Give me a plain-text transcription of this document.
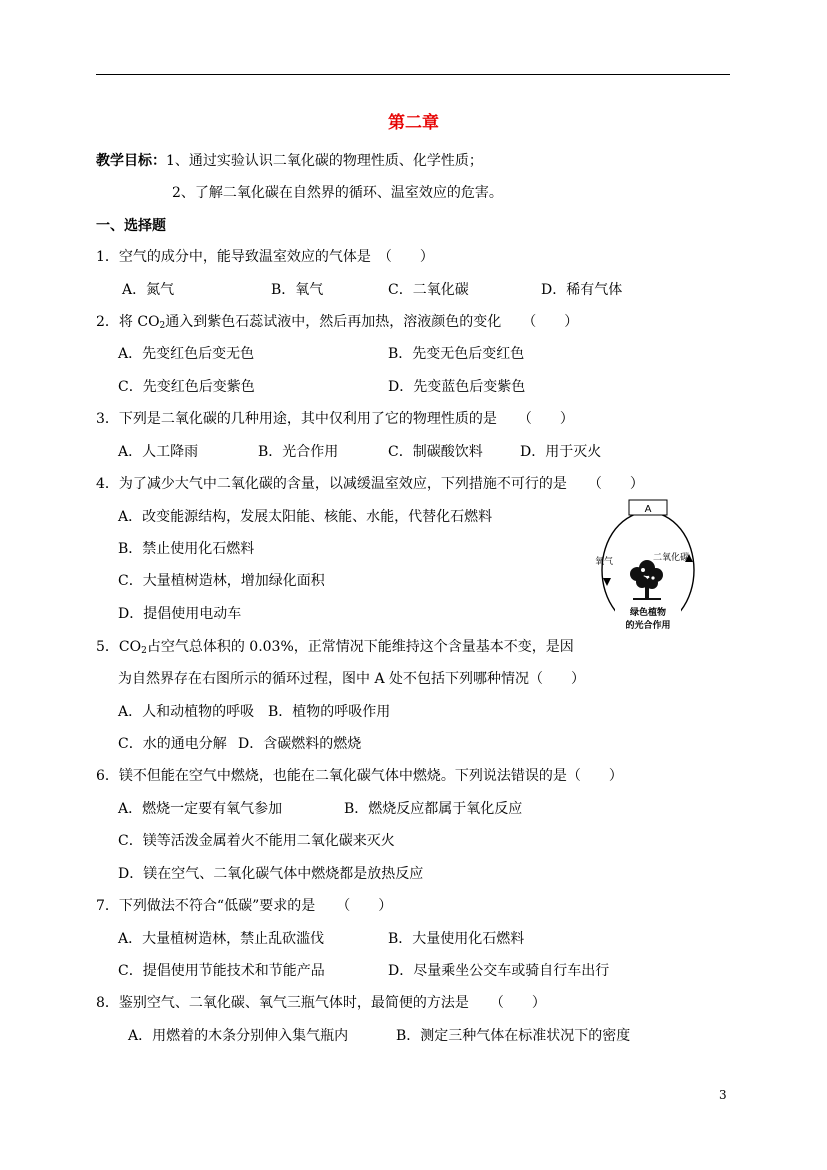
第二章
教学目标：1、通过实验认识二氧化碳的物理性质、化学性质；
2、了解二氧化碳在自然界的循环、温室效应的危害。
一、选择题
1．空气的成分中，能导致温室效应的气体是　（　　）
A．氮气	B．氧气	C．二氧化碳	D．稀有气体
2．将 $CO_2$通入到紫色石蕊试液中，然后再加热，溶液颜色的变化　　（　　）
A．先变红色后变无色	B．先变无色后变红色
C．先变红色后变紫色	D．先变蓝色后变紫色
3．下列是二氧化碳的几种用途，其中仅利用了它的物理性质的是　　（　　）
A．人工降雨	B．光合作用	C．制碳酸饮料	D．用于灭火
4．为了减少大气中二氧化碳的含量，以减缓温室效应，下列措施不可行的是　　（　　）
A．改变能源结构，发展太阳能、核能、水能，代替化石燃料
B．禁止使用化石燃料
C．大量植树造林，增加绿化面积
D．提倡使用电动车
A
氧气	二氧化碳
绿色植物
的光合作用
5．$CO_2$占空气总体积的 0.03%，正常情况下能维持这个含量基本不变，是因
为自然界存在右图所示的循环过程，图中 A 处不包括下列哪种情况（　　）
A．人和动植物的呼吸 B．植物的呼吸作用
C．水的通电分解 D．含碳燃料的燃烧
6．镁不但能在空气中燃烧，也能在二氧化碳气体中燃烧。下列说法错误的是（　　）
A．燃烧一定要有氧气参加	B．燃烧反应都属于氧化反应
C．镁等活泼金属着火不能用二氧化碳来灭火
D．镁在空气、二氧化碳气体中燃烧都是放热反应
7．下列做法不符合“低碳”要求的是　　（　　）
A．大量植树造林，禁止乱砍滥伐	B．大量使用化石燃料
C．提倡使用节能技术和节能产品	D．尽量乘坐公交车或骑自行车出行
8．鉴别空气、二氧化碳、氧气三瓶气体时，最简便的方法是　　（　　）
A．用燃着的木条分别伸入集气瓶内	B．测定三种气体在标准状况下的密度
3
